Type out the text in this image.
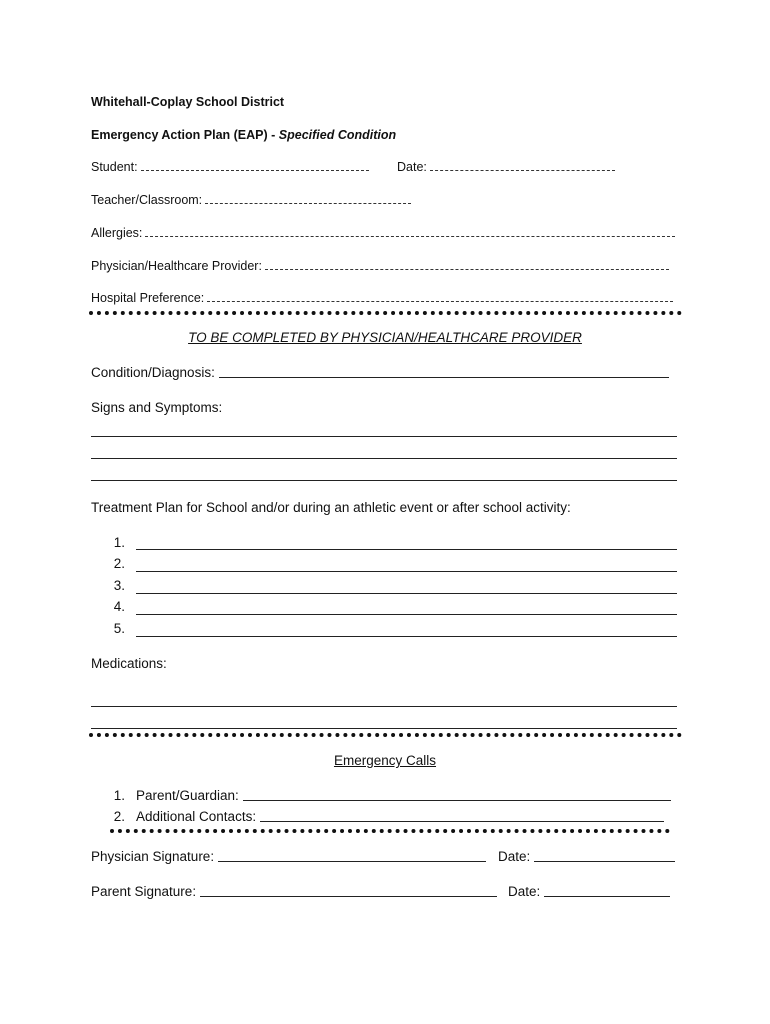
Whitehall-Coplay School District
Emergency Action Plan (EAP) - Specified Condition
Student:	Date:
Teacher/Classroom:
Allergies:
Physician/Healthcare Provider:
Hospital Preference:
TO BE COMPLETED BY PHYSICIAN/HEALTHCARE PROVIDER
Condition/Diagnosis:
Signs and Symptoms:
Treatment Plan for School and/or during an athletic event or after school activity:
1.
2.
3.
4.
5.
Medications:
Emergency Calls
1. Parent/Guardian:
2. Additional Contacts:
Physician Signature:	Date:
Parent Signature:	Date:
